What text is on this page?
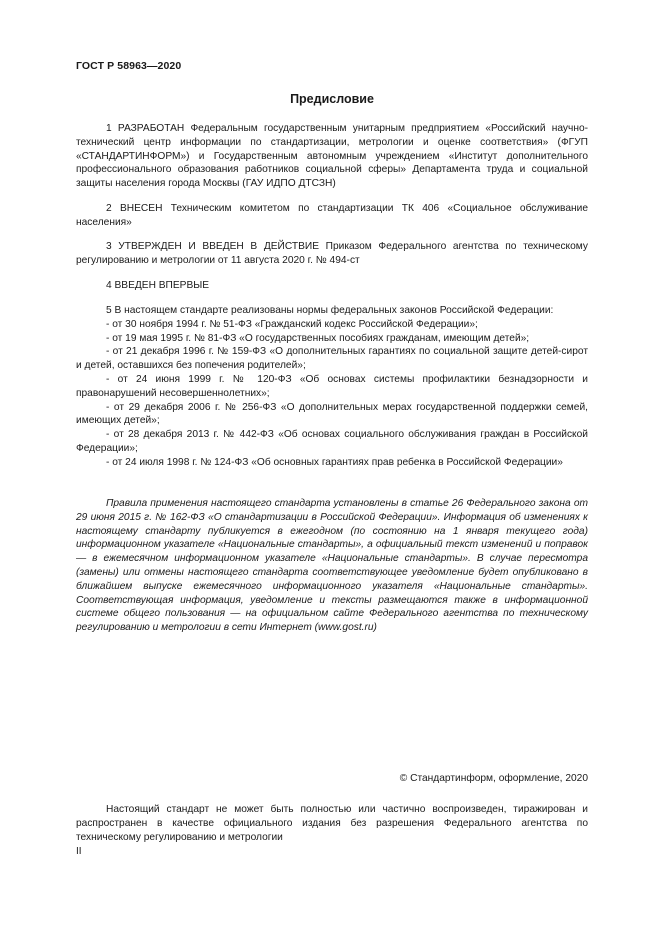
ГОСТ Р 58963—2020
Предисловие

1 РАЗРАБОТАН Федеральным государственным унитарным предприятием «Российский научно-технический центр информации по стандартизации, метрологии и оценке соответствия» (ФГУП «СТАНДАРТИНФОРМ») и Государственным автономным учреждением «Институт дополнительного профессионального образования работников социальной сферы» Департамента труда и социальной защиты населения города Москвы (ГАУ ИДПО ДТСЗН)

2 ВНЕСЕН Техническим комитетом по стандартизации ТК 406 «Социальное обслуживание населения»

3 УТВЕРЖДЕН И ВВЕДЕН В ДЕЙСТВИЕ Приказом Федерального агентства по техническому регулированию и метрологии от 11 августа 2020 г. № 494-ст

4 ВВЕДЕН ВПЕРВЫЕ

5 В настоящем стандарте реализованы нормы федеральных законов Российской Федерации:

- от 30 ноября 1994 г. № 51-ФЗ «Гражданский кодекс Российской Федерации»;

- от 19 мая 1995 г. № 81-ФЗ «О государственных пособиях гражданам, имеющим детей»;

- от 21 декабря 1996 г. № 159-ФЗ «О дополнительных гарантиях по социальной защите детей-сирот и детей, оставшихся без попечения родителей»;

- от 24 июня 1999 г. № 120-ФЗ «Об основах системы профилактики безнадзорности и правонарушений несовершеннолетних»;

- от 29 декабря 2006 г. № 256-ФЗ «О дополнительных мерах государственной поддержки семей, имеющих детей»;

- от 28 декабря 2013 г. № 442-ФЗ «Об основах социального обслуживания граждан в Российской Федерации»;

- от 24 июля 1998 г. № 124-ФЗ «Об основных гарантиях прав ребенка в Российской Федерации»

Правила применения настоящего стандарта установлены в статье 26 Федерального закона от 29 июня 2015 г. № 162-ФЗ «О стандартизации в Российской Федерации». Информация об изменениях к настоящему стандарту публикуется в ежегодном (по состоянию на 1 января текущего года) информационном указателе «Национальные стандарты», а официальный текст изменений и поправок — в ежемесячном информационном указателе «Национальные стандарты». В случае пересмотра (замены) или отмены настоящего стандарта соответствующее уведомление будет опубликовано в ближайшем выпуске ежемесячного информационного указателя «Национальные стандарты». Соответствующая информация, уведомление и тексты размещаются также в информационной системе общего пользования — на официальном сайте Федерального агентства по техническому регулированию и метрологии в сети Интернет (www.gost.ru)

© Стандартинформ, оформление, 2020

Настоящий стандарт не может быть полностью или частично воспроизведен, тиражирован и распространен в качестве официального издания без разрешения Федерального агентства по техническому регулированию и метрологии

II
